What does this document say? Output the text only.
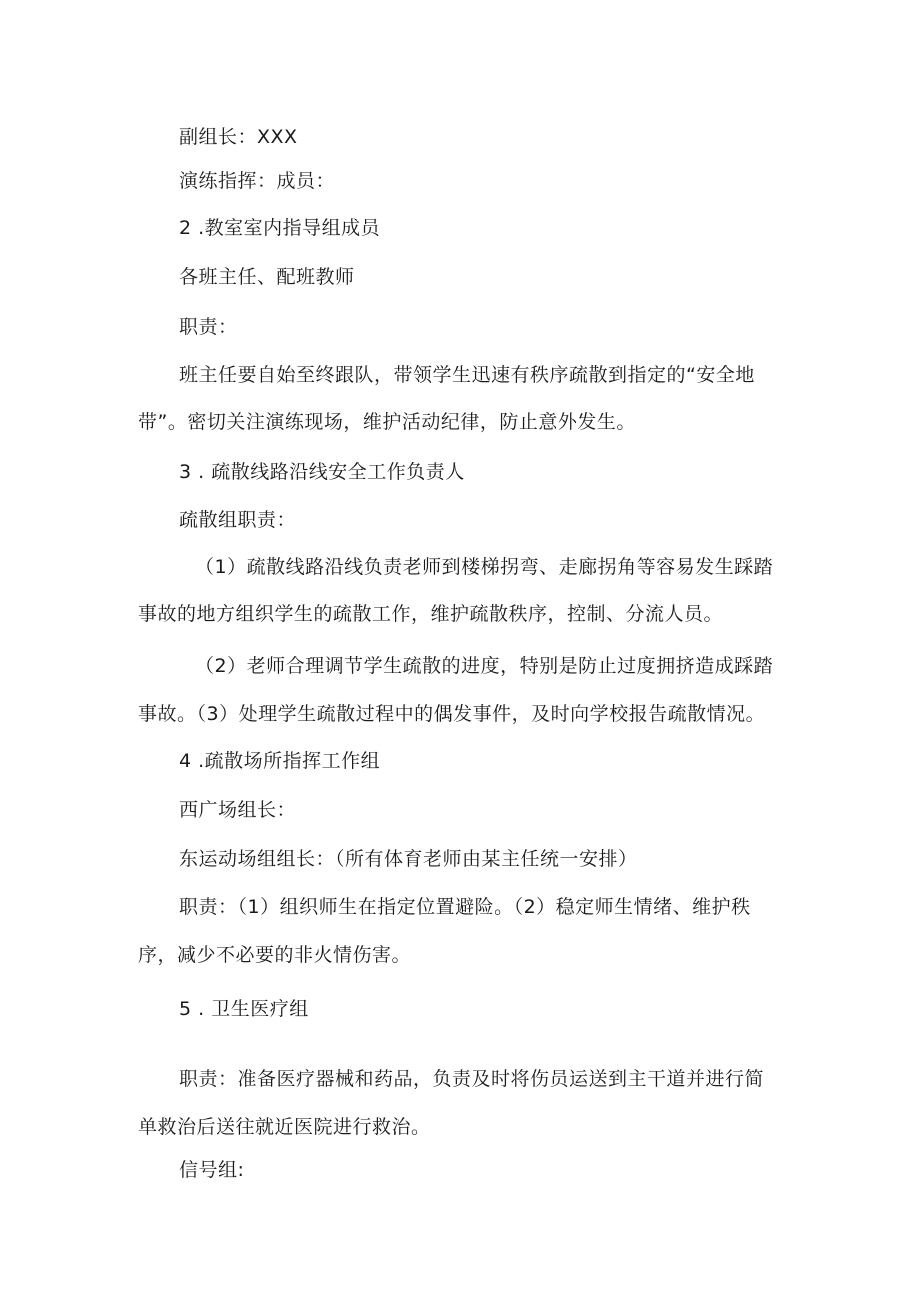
副组长：XXX
演练指挥：成员：
2 .教室室内指导组成员
各班主任、配班教师
职责：
班主任要自始至终跟队，带领学生迅速有秩序疏散到指定的“安全地
带”。密切关注演练现场，维护活动纪律，防止意外发生。
3 . 疏散线路沿线安全工作负责人
疏散组职责：
（1）疏散线路沿线负责老师到楼梯拐弯、走廊拐角等容易发生踩踏
事故的地方组织学生的疏散工作，维护疏散秩序，控制、分流人员。
（2）老师合理调节学生疏散的进度，特别是防止过度拥挤造成踩踏
事故。（3）处理学生疏散过程中的偶发事件，及时向学校报告疏散情况。
4 .疏散场所指挥工作组
西广场组长：
东运动场组组长：（所有体育老师由某主任统一安排）
职责：（1）组织师生在指定位置避险。（2）稳定师生情绪、维护秩
序，减少不必要的非火情伤害。
5 . 卫生医疗组
职责：准备医疗器械和药品，负责及时将伤员运送到主干道并进行简
单救治后送往就近医院进行救治。
信号组:
